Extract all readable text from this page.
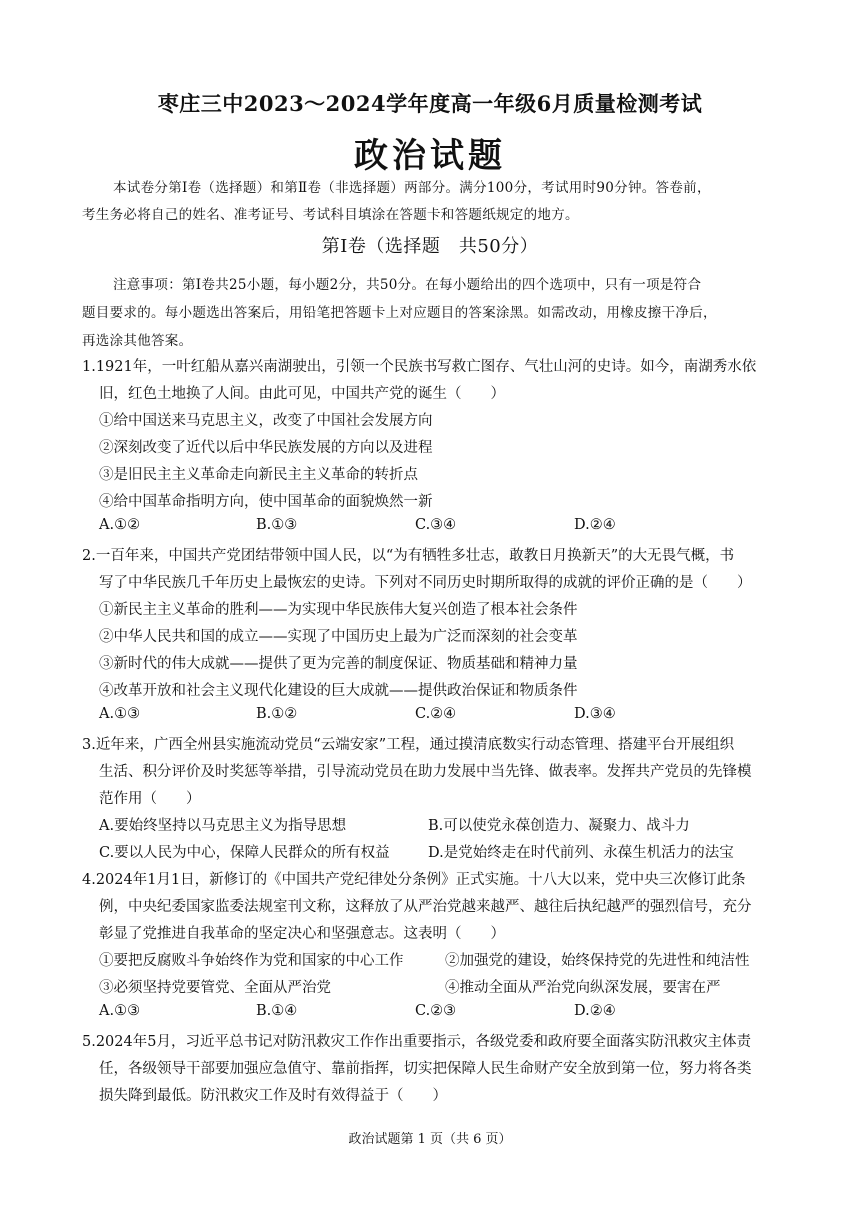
枣庄三中2023～2024学年度高一年级6月质量检测考试
政治试题
本试卷分第Ⅰ卷（选择题）和第Ⅱ卷（非选择题）两部分。满分100分，考试用时90分钟。答卷前，
考生务必将自己的姓名、准考证号、考试科目填涂在答题卡和答题纸规定的地方。
第Ⅰ卷（选择题　共50分）
注意事项：第Ⅰ卷共25小题，每小题2分，共50分。在每小题给出的四个选项中，只有一项是符合
题目要求的。每小题选出答案后，用铅笔把答题卡上对应题目的答案涂黑。如需改动，用橡皮擦干净后，
再选涂其他答案。
1.1921年，一叶红船从嘉兴南湖驶出，引领一个民族书写救亡图存、气壮山河的史诗。如今，南湖秀水依
旧，红色土地换了人间。由此可见，中国共产党的诞生（　　）
①给中国送来马克思主义，改变了中国社会发展方向
②深刻改变了近代以后中华民族发展的方向以及进程
③是旧民主主义革命走向新民主主义革命的转折点
④给中国革命指明方向，使中国革命的面貌焕然一新
A.①②	B.①③	C.③④	D.②④
2.一百年来，中国共产党团结带领中国人民，以“为有牺牲多壮志，敢教日月换新天”的大无畏气概，书
写了中华民族几千年历史上最恢宏的史诗。下列对不同历史时期所取得的成就的评价正确的是（　　）
①新民主主义革命的胜利——为实现中华民族伟大复兴创造了根本社会条件
②中华人民共和国的成立——实现了中国历史上最为广泛而深刻的社会变革
③新时代的伟大成就——提供了更为完善的制度保证、物质基础和精神力量
④改革开放和社会主义现代化建设的巨大成就——提供政治保证和物质条件
A.①③	B.①②	C.②④	D.③④
3.近年来，广西全州县实施流动党员“云端安家”工程，通过摸清底数实行动态管理、搭建平台开展组织
生活、积分评价及时奖惩等举措，引导流动党员在助力发展中当先锋、做表率。发挥共产党员的先锋模
范作用（　　）
A.要始终坚持以马克思主义为指导思想	B.可以使党永葆创造力、凝聚力、战斗力
C.要以人民为中心，保障人民群众的所有权益	D.是党始终走在时代前列、永葆生机活力的法宝
4.2024年1月1日，新修订的《中国共产党纪律处分条例》正式实施。十八大以来，党中央三次修订此条
例，中央纪委国家监委法规室刊文称，这释放了从严治党越来越严、越往后执纪越严的强烈信号，充分
彰显了党推进自我革命的坚定决心和坚强意志。这表明（　　）
①要把反腐败斗争始终作为党和国家的中心工作	②加强党的建设，始终保持党的先进性和纯洁性
③必须坚持党要管党、全面从严治党	④推动全面从严治党向纵深发展，要害在严
A.①③	B.①④	C.②③	D.②④
5.2024年5月，习近平总书记对防汛救灾工作作出重要指示，各级党委和政府要全面落实防汛救灾主体责
任，各级领导干部要加强应急值守、靠前指挥，切实把保障人民生命财产安全放到第一位，努力将各类
损失降到最低。防汛救灾工作及时有效得益于（　　）
政治试题第 1 页（共 6 页）
